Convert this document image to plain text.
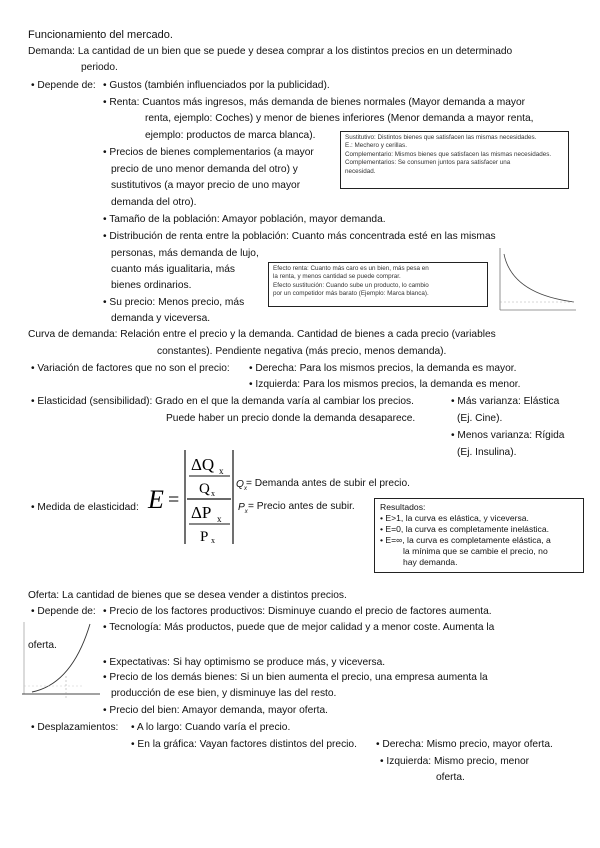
Funcionamiento del mercado.
Demanda: La cantidad de un bien que se puede y desea comprar a los distintos precios en un determinado
periodo.
• Depende de: • Gustos (también influenciados por la publicidad).
• Renta: Cuantos más ingresos, más demanda de bienes normales (Mayor demanda a mayor
renta, ejemplo: Coches) y menor de bienes inferiores (Menor demanda a mayor renta,
ejemplo: productos de marca blanca).
• Precios de bienes complementarios (a mayor
precio de uno menor demanda del otro) y
sustitutivos (a mayor precio de uno mayor
demanda del otro).
• Tamaño de la población: Amayor población, mayor demanda.
• Distribución de renta entre la población: Cuanto más concentrada esté en las mismas
personas, más demanda de lujo,
cuanto más igualitaria, más
bienes ordinarios.
• Su precio: Menos precio, más
demanda y viceversa.
Sustitutivo: Distintos bienes que satisfacen las mismas necesidades.
E.: Mechero y cerillas.
Complementario: Mismos bienes que satisfacen las mismas necesidades.
Complementarios: Se consumen juntos para satisfacer una
necesidad.
Efecto renta: Cuanto más caro es un bien, más pesa en
la renta, y menos cantidad se puede comprar.
Efecto sustitución: Cuando sube un producto, lo cambio
por un competidor más barato (Ejemplo: Marca blanca).
Curva de demanda: Relación entre el precio y la demanda. Cantidad de bienes a cada precio (variables
constantes). Pendiente negativa (más precio, menos demanda).
• Variación de factores que no son el precio: • Derecha: Para los mismos precios, la demanda es mayor.
• Izquierda: Para los mismos precios, la demanda es menor.
• Elasticidad (sensibilidad): Grado en el que la demanda varía al cambiar los precios.
Puede haber un precio donde la demanda desaparece.
• Más varianza: Elástica
(Ej. Cine).
• Menos varianza: Rígida
(Ej. Insulina).
• Medida de elasticidad: E =
ΔQ x
Q x
ΔP x
P x
$Q_x$
= Demanda antes de subir el precio.
$P_x$
= Precio antes de subir.	Resultados:
• E>1, la curva es elástica, y viceversa.
• E=0, la curva es completamente inelástica.
• E=∞, la curva es completamente elástica, a
la mínima que se cambie el precio, no
hay demanda.
Oferta: La cantidad de bienes que se desea vender a distintos precios.
• Depende de: • Precio de los factores productivos: Disminuye cuando el precio de factores aumenta.
• Tecnología: Más productos, puede que de mejor calidad y a menor coste. Aumenta la
oferta.
• Expectativas: Si hay optimismo se produce más, y viceversa.
• Precio de los demás bienes: Si un bien aumenta el precio, una empresa aumenta la
producción de ese bien, y disminuye las del resto.
• Precio del bien: Amayor demanda, mayor oferta.
• Desplazamientos: • A lo largo: Cuando varía el precio.
• En la gráfica: Vayan factores distintos del precio. • Derecha: Mismo precio, mayor oferta.
• Izquierda: Mismo precio, menor
oferta.
